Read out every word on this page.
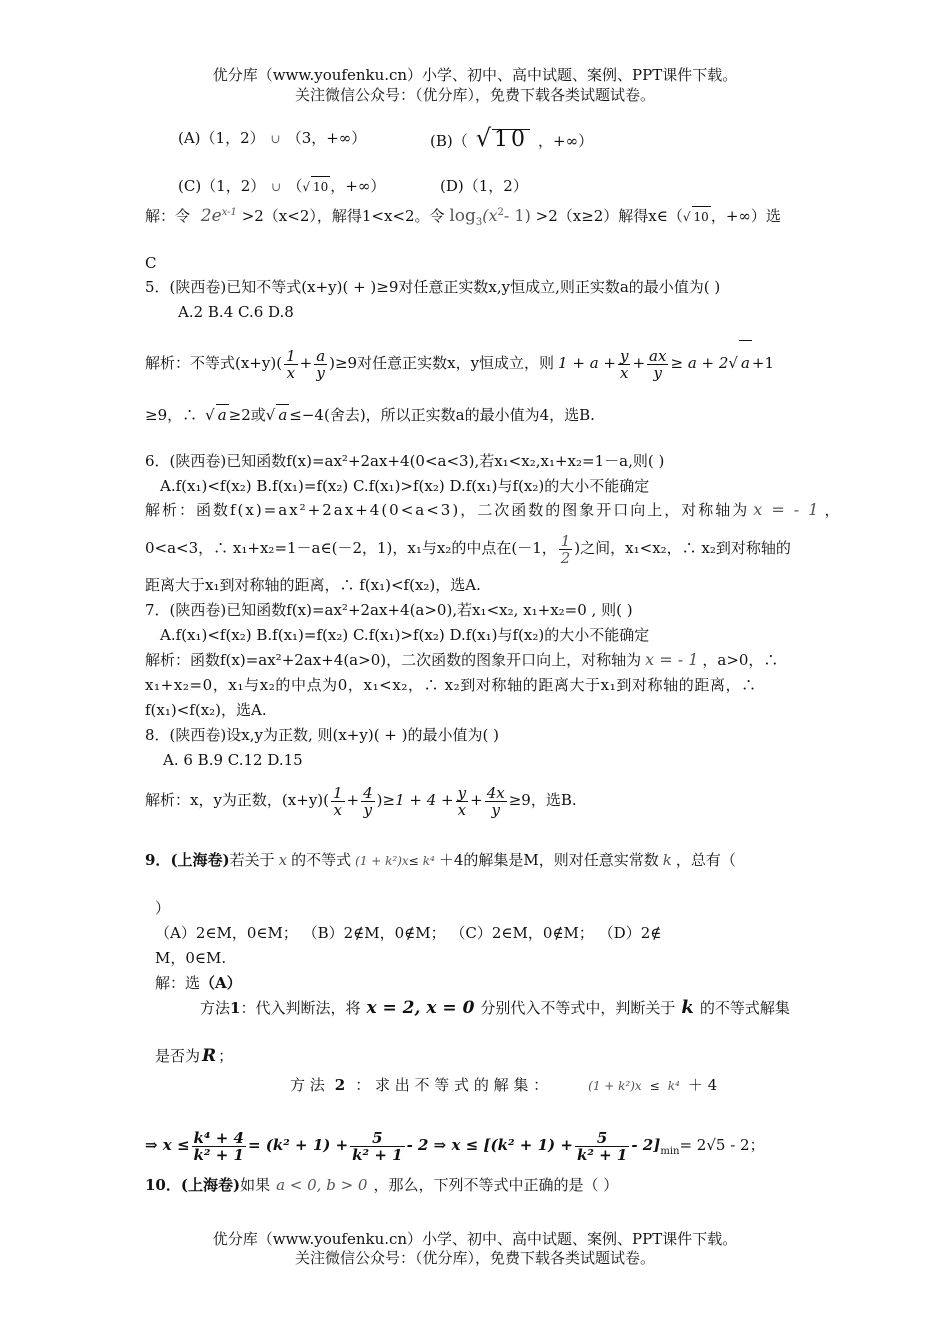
优分库（www.youfenku.cn）小学、初中、高中试题、案例、PPT课件下载。
关注微信公众号：（优分库），免费下载各类试题试卷。
(A)（1，2） ∪ （3，+∞）	(B)（ √ 10 ，+∞）
(C)（1，2） ∪ （√ 10 ，+∞）	(D)（1，2）
解：令 $2e^{x-1} >2(x<2)$，解得1<x<2。令 $\log_3(x^2-$ 1) >2（x≥2）解得x∈（√ 10 ，+∞）选
C
5．(陕西卷)已知不等式(x+y)( + )≥9对任意正实数x,y恒成立,则正实数a的最小值为( )
A.2 B.4 C.6 D.8
解析：不等式$(x+y)( \frac{1}{x} + \frac{a}{y} )\ge 9$对任意正实数x，y恒成立，则 $1 + a + \frac{y}{x} + \frac{ax}{y} \ge a + 2√$ a +1
≥9，∴ √ a ≥2或√ a ≤−4(舍去)，所以正实数a的最小值为4，选B.
6．(陕西卷)已知函数f(x)=ax²+2ax+4(0<a<3),若x₁<x₂,x₁+x₂=1－a,则( )
A.f(x₁)<f(x₂) B.f(x₁)=f(x₂) C.f(x₁)>f(x₂) D.f(x₁)与f(x₂)的大小不能确定
解析：函数f(x)=ax²+2ax+4(0<a<3)，二次函数的图象开口向上，对称轴为 x = - 1 ，
0<a<3，∴ x₁+x₂=1－a∈(－2，1)，x₁与x₂的中点在(－1， $\frac{1}{2}$ )之间，x₁<x₂，∴ x₂到对称轴的
距离大于x₁到对称轴的距离，∴ f(x₁)<f(x₂)，选A.
7．(陕西卷)已知函数f(x)=ax²+2ax+4(a>0),若x₁<x₂, x₁+x₂=0 , 则( )
A.f(x₁)<f(x₂) B.f(x₁)=f(x₂) C.f(x₁)>f(x₂) D.f(x₁)与f(x₂)的大小不能确定
解析：函数f(x)=ax²+2ax+4(a>0)，二次函数的图象开口向上，对称轴为 x = - 1 ，a>0，∴
x₁+x₂=0，x₁与x₂的中点为0，x₁<x₂，∴ x₂到对称轴的距离大于x₁到对称轴的距离，∴
f(x₁)<f(x₂)，选A.
8．(陕西卷)设x,y为正数, 则(x+y)( + )的最小值为( )
A. 6 B.9 C.12 D.15
解析：x，y为正数，$(x+y)( \frac{1}{x} + \frac{4}{y} )\ge 1 + 4 + \frac{y}{x} + \frac{4x}{y} \ge 9$，选B.
9．(上海卷)若关于 x 的不等式 (1 + k²)x≤ k⁴ ＋4的解集是M，则对任意实常数 k ，总有（
）
（A）2∈M，0∈M； （B）2∉M，0∉M； （C）2∈M，0∉M； （D）2∉
M，0∈M.
解：选（A）
方法1：代入判断法，将 x = 2, x = 0 分别代入不等式中，判断关于 k 的不等式解集
是否为 R ；
方 法 2 ： 求 出 不 等 式 的 解 集 ：	(1 + k²)x ≤ k⁴ ＋ 4
⇒ $x \le \frac{\text{k⁴ + 4}}{\text{k² + 1}} = (k^2 + 1) + \frac{5}{\text{k² + 1}} - 2$ ⇒ $x \le [(k^2 + 1) + \frac{5}{\text{k² + 1}} - 2]_{min}= 2√5 - 2$；
10．(上海卷)如果 a < 0, b > 0 ，那么，下列不等式中正确的是（ ）
优分库（www.youfenku.cn）小学、初中、高中试题、案例、PPT课件下载。
关注微信公众号：（优分库），免费下载各类试题试卷。
